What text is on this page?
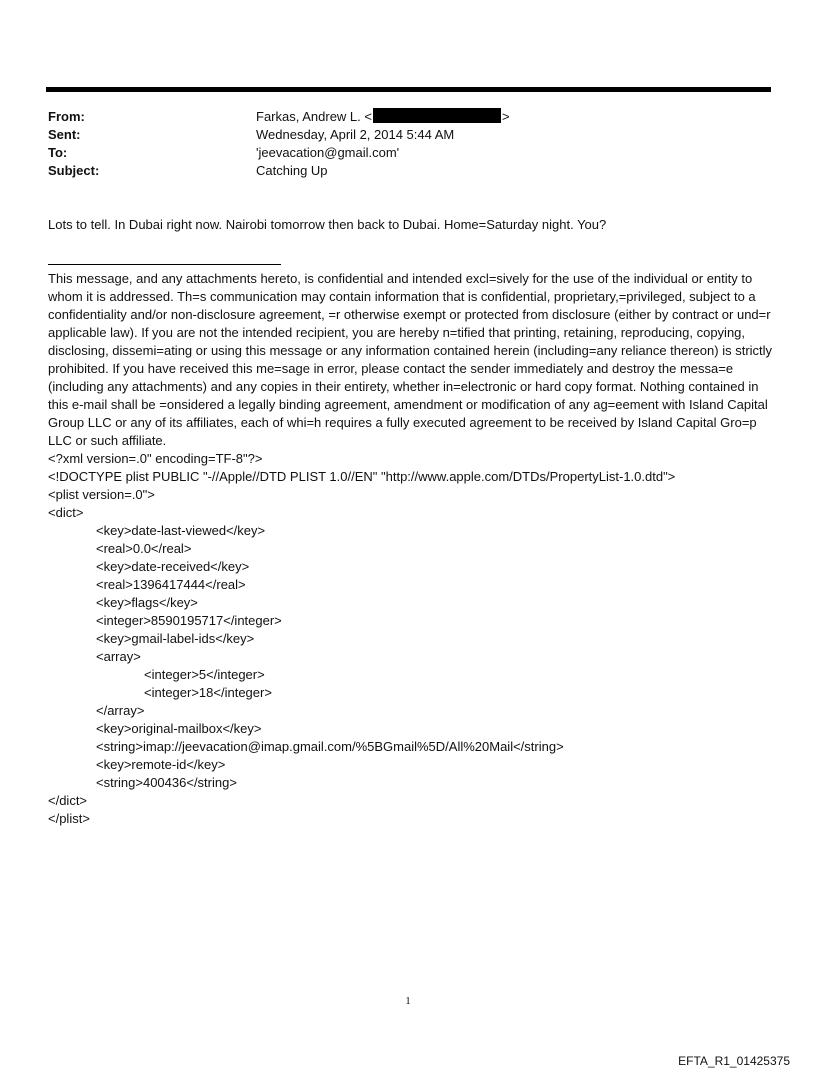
From:	Farkas, Andrew L. <	>
Sent:	Wednesday, April 2, 2014 5:44 AM
To:	'jeevacation@gmail.com'
Subject:	Catching Up
Lots to tell. In Dubai right now. Nairobi tomorrow then back to Dubai. Home=Saturday night. You?
This message, and any attachments hereto, is confidential and intended excl=sively for the use of the individual or entity to whom it is addressed. Th=s communication may contain information that is confidential, proprietary,=privileged, subject to a confidentiality and/or non-disclosure agreement, =r otherwise exempt or protected from disclosure (either by contract or und=r applicable law). If you are not the intended recipient, you are hereby n=tified that printing, retaining, reproducing, copying, disclosing, dissemi=ating or using this message or any information contained herein (including=any reliance thereon) is strictly prohibited. If you have received this me=sage in error, please contact the sender immediately and destroy the messa=e (including any attachments) and any copies in their entirety, whether in=electronic or hard copy format. Nothing contained in this e-mail shall be =onsidered a legally binding agreement, amendment or modification of any ag=eement with Island Capital Group LLC or any of its affiliates, each of whi=h requires a fully executed agreement to be received by Island Capital Gro=p LLC or such affiliate.
<?xml version=.0" encoding=TF-8"?>
<!DOCTYPE plist PUBLIC "-//Apple//DTD PLIST 1.0//EN" "http://www.apple.com/DTDs/PropertyList-1.0.dtd">
<plist version=.0">
<dict>
<key>date-last-viewed</key>
<real>0.0</real>
<key>date-received</key>
<real>1396417444</real>
<key>flags</key>
<integer>8590195717</integer>
<key>gmail-label-ids</key>
<array>
<integer>5</integer>
<integer>18</integer>
</array>
<key>original-mailbox</key>
<string>imap://jeevacation@imap.gmail.com/%5BGmail%5D/All%20Mail</string>
<key>remote-id</key>
<string>400436</string>
</dict>
</plist>
1
EFTA_R1_01425375
